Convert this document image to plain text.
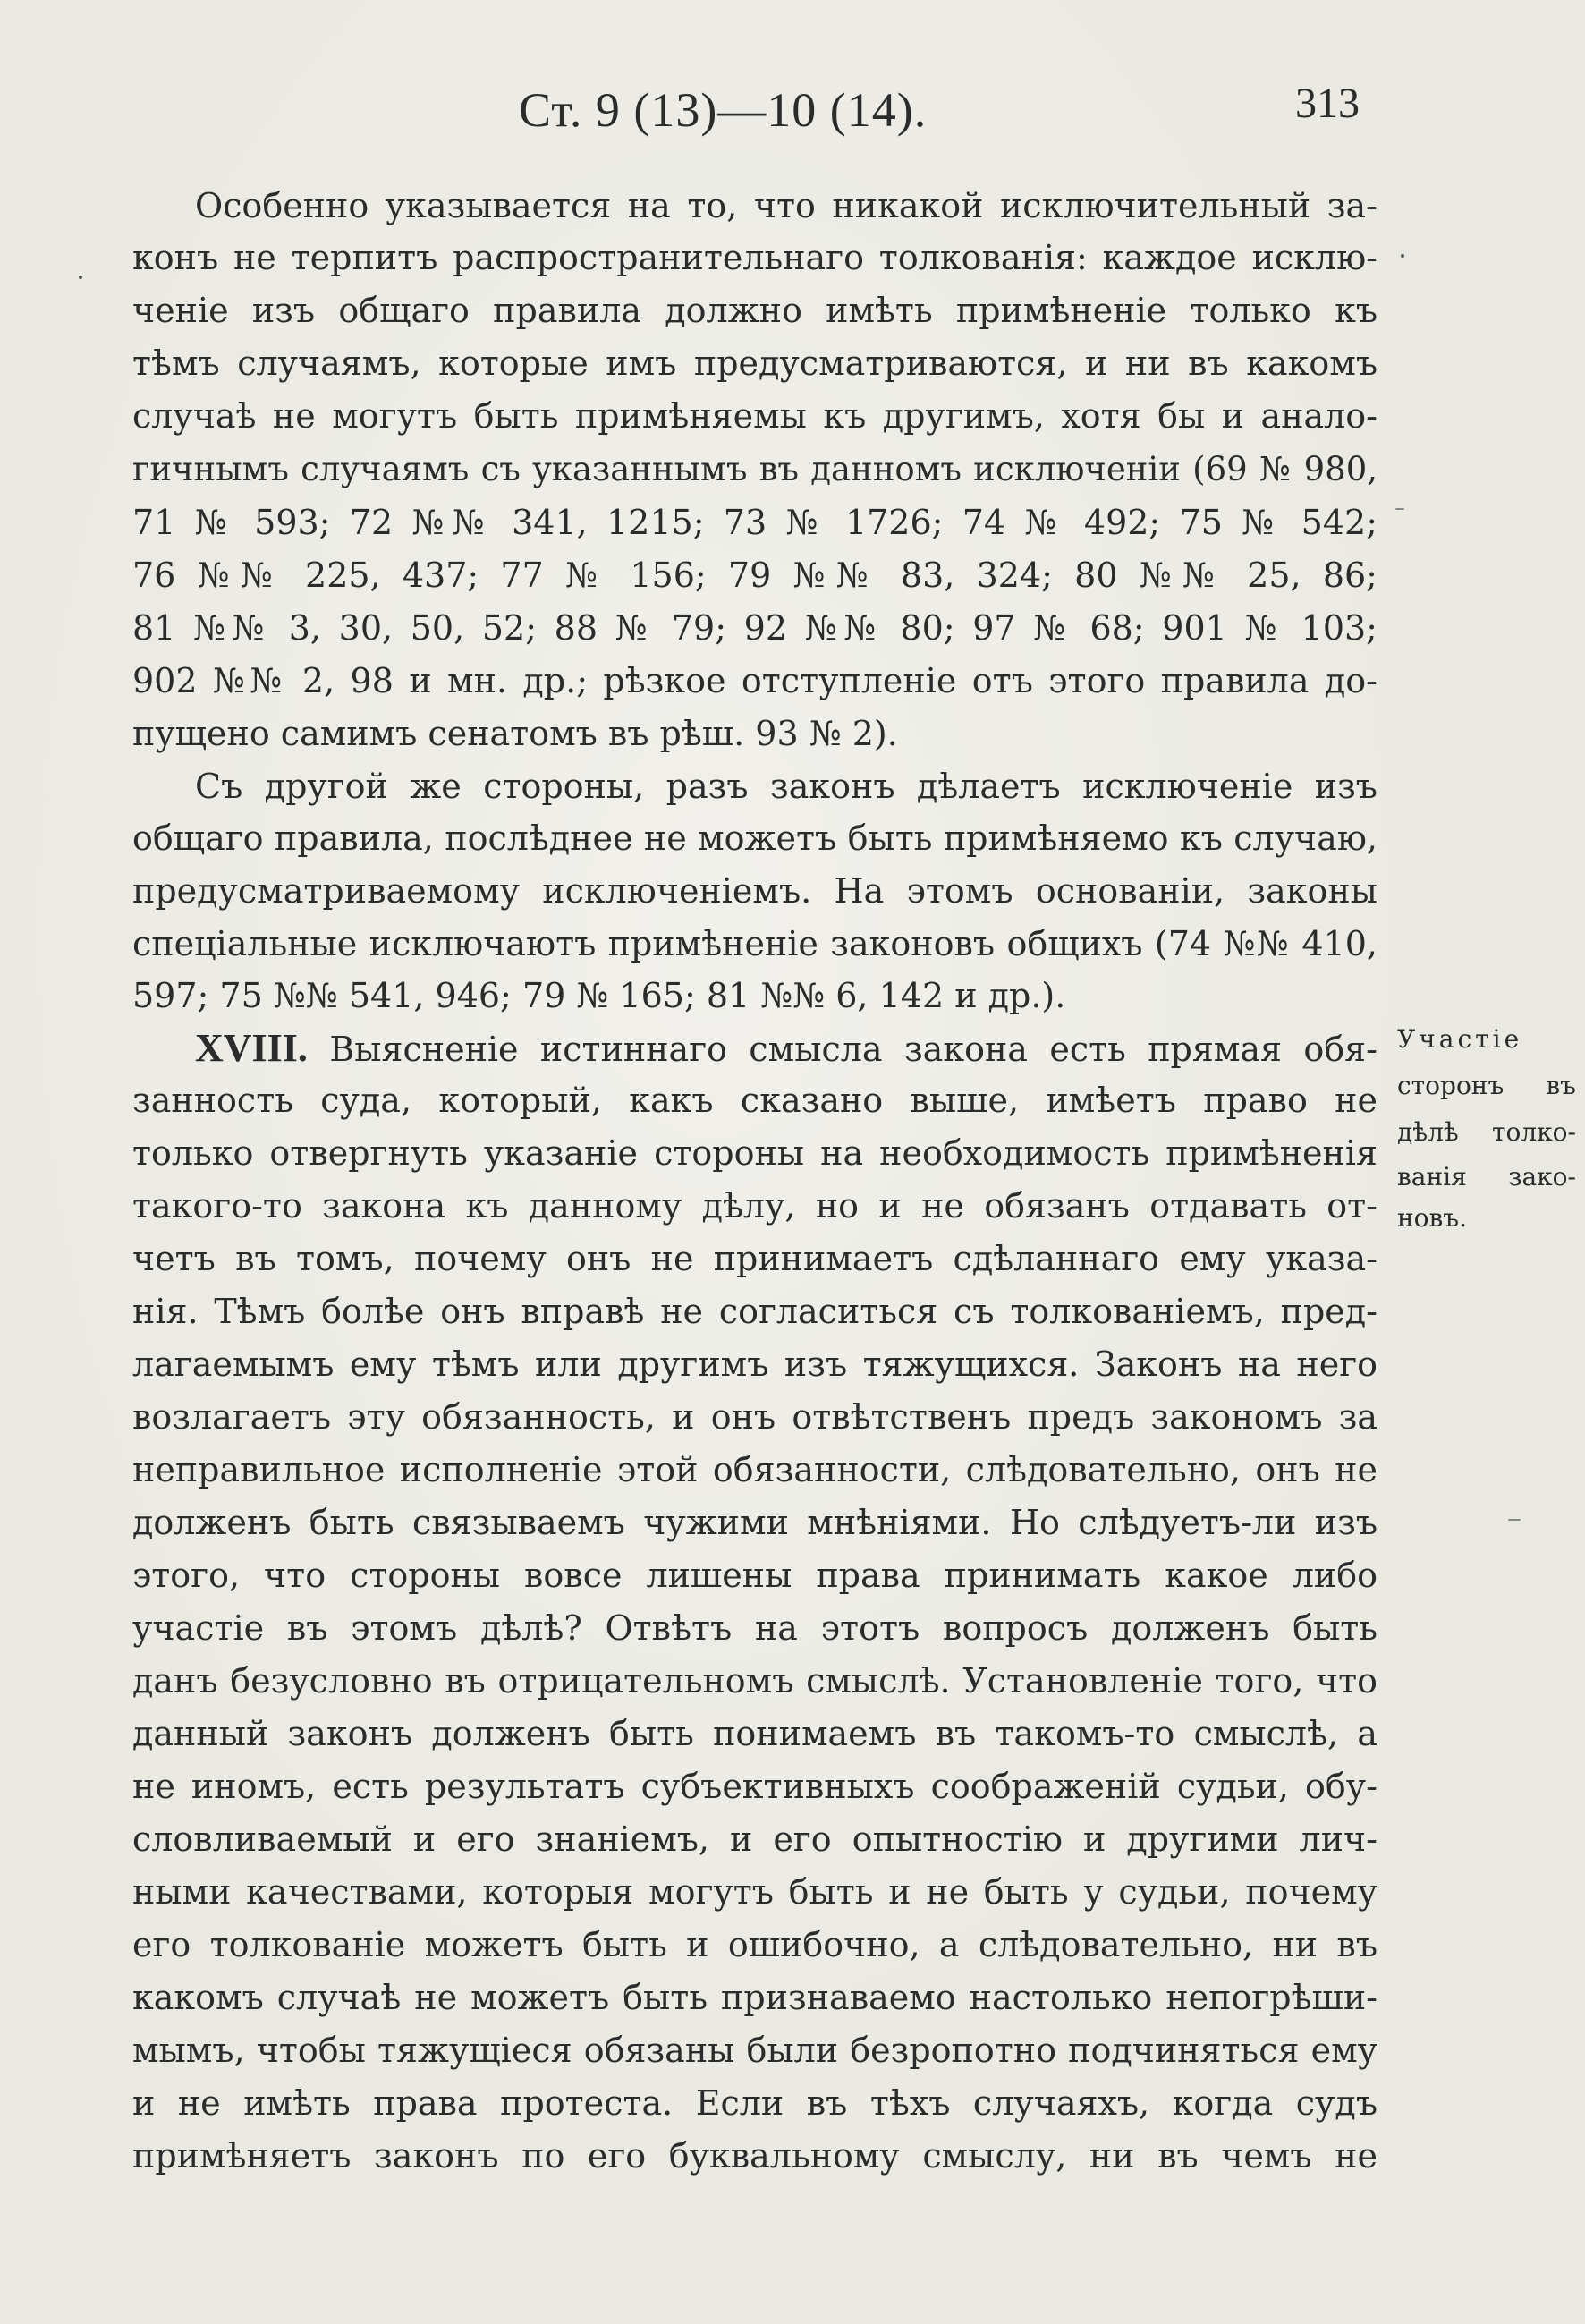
Ст. 9 (13)—10 (14).	313
Особенно указывается на то, что никакой исключительный за-
конъ не терпитъ распространительнаго толкованія: каждое исклю-
ченіе изъ общаго правила должно имѣть примѣненіе только къ
тѣмъ случаямъ, которые имъ предусматриваются, и ни въ какомъ
случаѣ не могутъ быть примѣняемы къ другимъ, хотя бы и анало-
гичнымъ случаямъ съ указаннымъ въ данномъ исключеніи (69 № 980,
71 № 593; 72 №№ 341, 1215; 73 № 1726; 74 № 492; 75 № 542;
76 №№ 225, 437; 77 № 156; 79 №№ 83, 324; 80 №№ 25, 86;
81 №№ 3, 30, 50, 52; 88 № 79; 92 №№ 80; 97 № 68; 901 № 103;
902 №№ 2, 98 и мн. др.; рѣзкое отступленіе отъ этого правила до-
пущено самимъ сенатомъ въ рѣш. 93 № 2).
Съ другой же стороны, разъ законъ дѣлаетъ исключеніе изъ
общаго правила, послѣднее не можетъ быть примѣняемо къ случаю,
предусматриваемому исключеніемъ. На этомъ основаніи, законы
спеціальные исключаютъ примѣненіе законовъ общихъ (74 №№ 410,
597; 75 №№ 541, 946; 79 № 165; 81 №№ 6, 142 и др.).
XVIII. Выясненіе истиннаго смысла закона есть прямая обя-
занность суда, который, какъ сказано выше, имѣетъ право не
только отвергнуть указаніе стороны на необходимость примѣненія
такого-то закона къ данному дѣлу, но и не обязанъ отдавать от-
четъ въ томъ, почему онъ не принимаетъ сдѣланнаго ему указа-
нія. Тѣмъ болѣе онъ вправѣ не согласиться съ толкованіемъ, пред-
лагаемымъ ему тѣмъ или другимъ изъ тяжущихся. Законъ на него
возлагаетъ эту обязанность, и онъ отвѣтственъ предъ закономъ за
неправильное исполненіе этой обязанности, слѣдовательно, онъ не
долженъ быть связываемъ чужими мнѣніями. Но слѣдуетъ-ли изъ
этого, что стороны вовсе лишены права принимать какое либо
участіе въ этомъ дѣлѣ? Отвѣтъ на этотъ вопросъ долженъ быть
данъ безусловно въ отрицательномъ смыслѣ. Установленіе того, что
данный законъ долженъ быть понимаемъ въ такомъ-то смыслѣ, а
не иномъ, есть результатъ субъективныхъ соображеній судьи, обу-
словливаемый и его знаніемъ, и его опытностію и другими лич-
ными качествами, которыя могутъ быть и не быть у судьи, почему
его толкованіе можетъ быть и ошибочно, а слѣдовательно, ни въ
какомъ случаѣ не можетъ быть признаваемо настолько непогрѣши-
мымъ, чтобы тяжущіеся обязаны были безропотно подчиняться ему
и не имѣть права протеста. Если въ тѣхъ случаяхъ, когда судъ
примѣняетъ законъ по его буквальному смыслу, ни въ чемъ не
Участіе
сторонъ въ
дѣлѣ толко-
ванія зако-
новъ.
